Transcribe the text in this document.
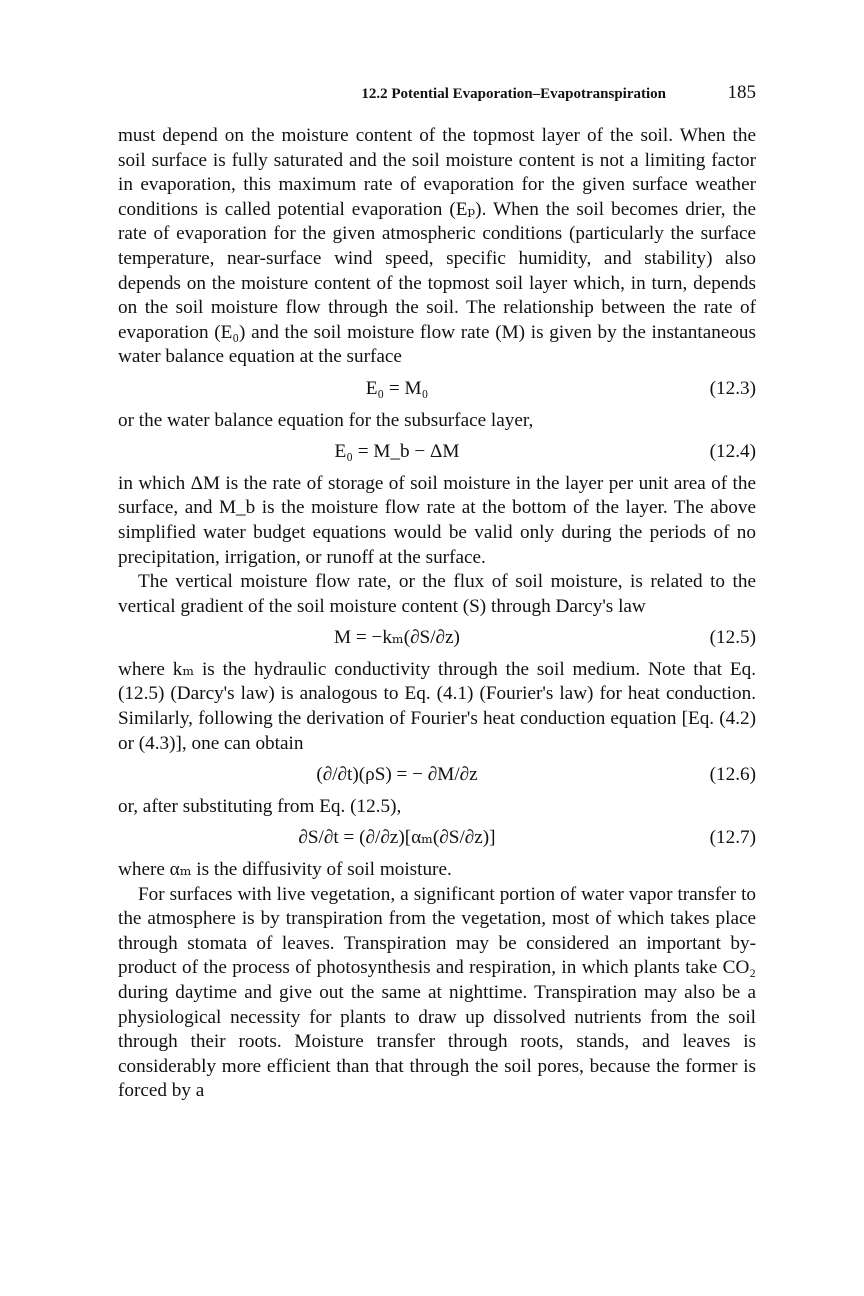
12.2 Potential Evaporation–Evapotranspiration	185

must depend on the moisture content of the topmost layer of the soil. When the soil surface is fully saturated and the soil moisture content is not a limiting factor in evaporation, this maximum rate of evaporation for the given surface weather conditions is called potential evaporation (Eₚ). When the soil becomes drier, the rate of evaporation for the given atmospheric conditions (particularly the surface temperature, near-surface wind speed, specific humidity, and stability) also depends on the moisture content of the topmost soil layer which, in turn, depends on the soil moisture flow through the soil. The relationship between the rate of evaporation (E₀) and the soil moisture flow rate (M) is given by the instantaneous water balance equation at the surface

E₀ = M₀	(12.3)

or the water balance equation for the subsurface layer,

E₀ = M_b − ΔM	(12.4)

in which ΔM is the rate of storage of soil moisture in the layer per unit area of the surface, and M_b is the moisture flow rate at the bottom of the layer. The above simplified water budget equations would be valid only during the periods of no precipitation, irrigation, or runoff at the surface.

The vertical moisture flow rate, or the flux of soil moisture, is related to the vertical gradient of the soil moisture content (S) through Darcy's law

M = −kₘ(∂S/∂z)	(12.5)

where kₘ is the hydraulic conductivity through the soil medium. Note that Eq. (12.5) (Darcy's law) is analogous to Eq. (4.1) (Fourier's law) for heat conduction. Similarly, following the derivation of Fourier's heat conduction equation [Eq. (4.2) or (4.3)], one can obtain

(∂/∂t)(ρS) = − ∂M/∂z	(12.6)

or, after substituting from Eq. (12.5),

∂S/∂t = (∂/∂z)[αₘ(∂S/∂z)]	(12.7)

where αₘ is the diffusivity of soil moisture.

For surfaces with live vegetation, a significant portion of water vapor transfer to the atmosphere is by transpiration from the vegetation, most of which takes place through stomata of leaves. Transpiration may be considered an important by-product of the process of photosynthesis and respiration, in which plants take CO₂ during daytime and give out the same at nighttime. Transpiration may also be a physiological necessity for plants to draw up dissolved nutrients from the soil through their roots. Moisture transfer through roots, stands, and leaves is considerably more efficient than that through the soil pores, because the former is forced by a
